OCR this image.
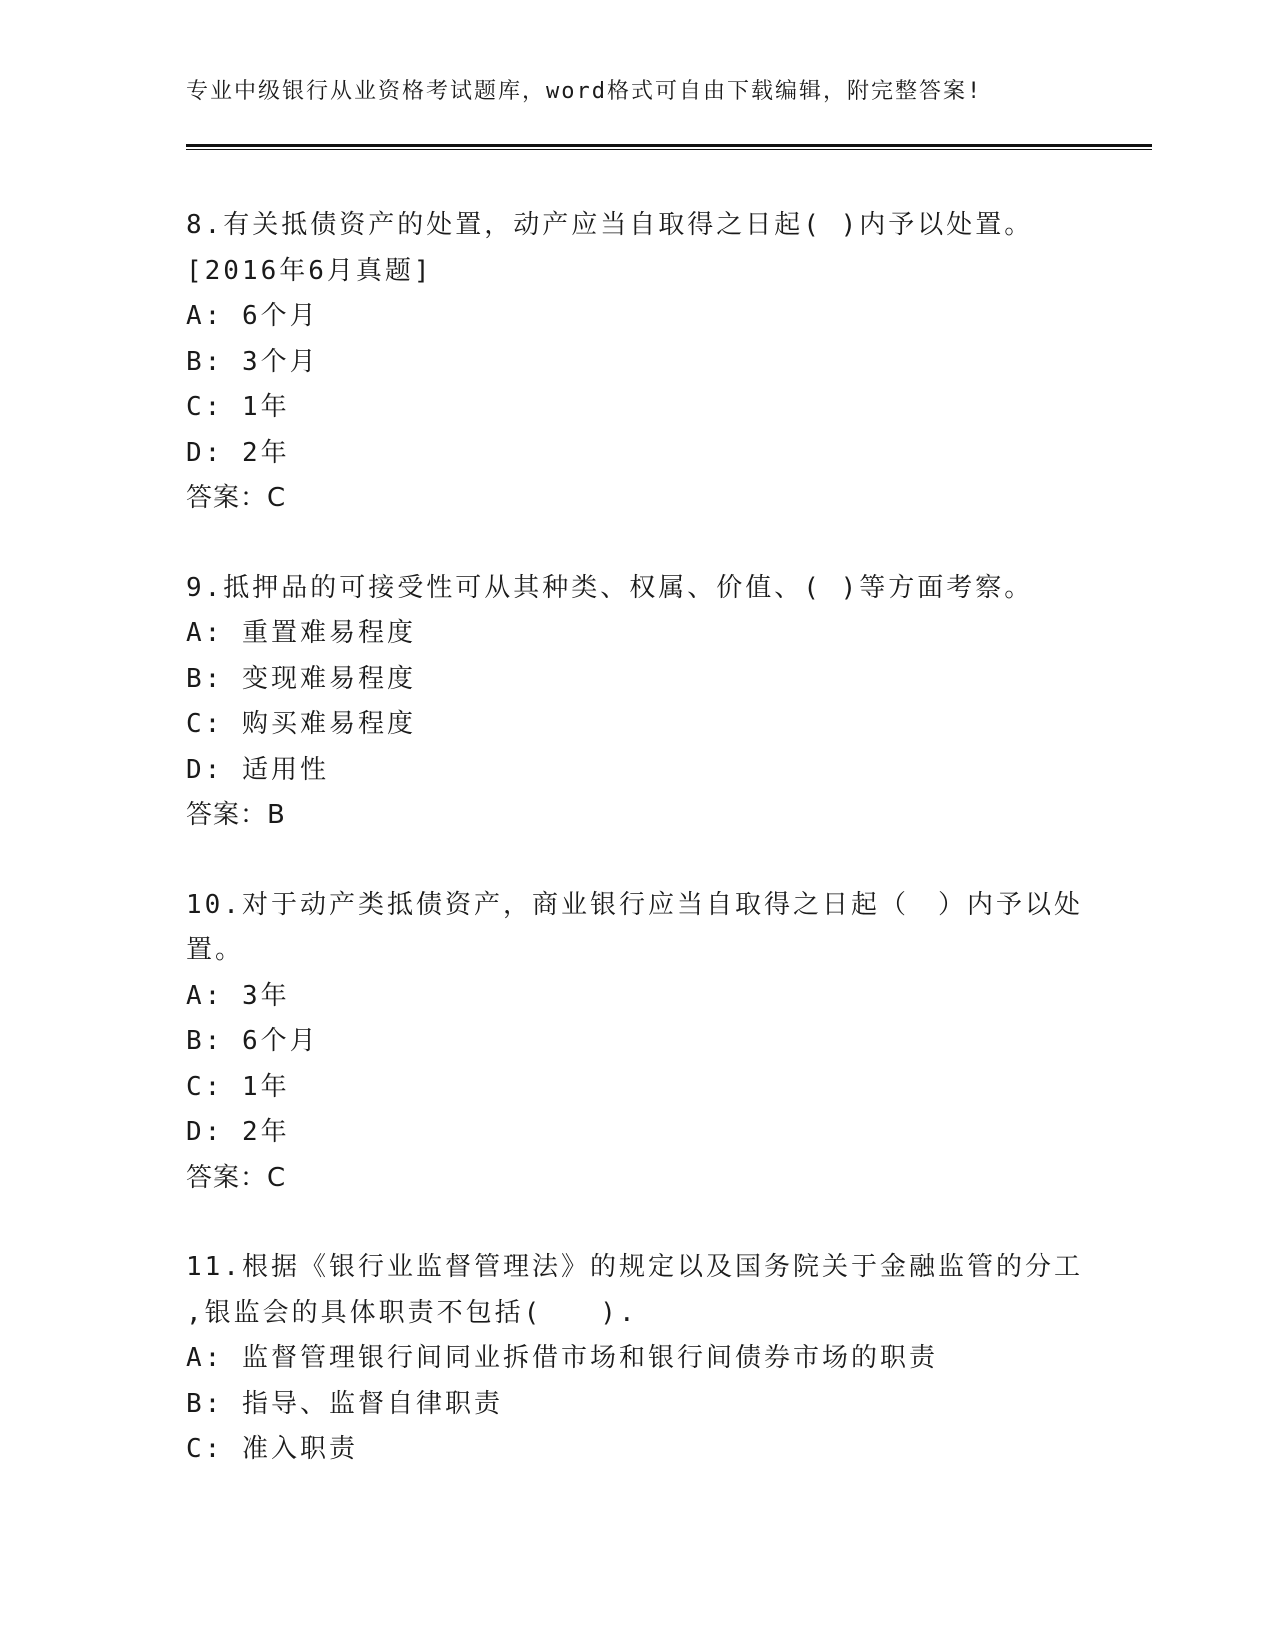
专业中级银行从业资格考试题库，word格式可自由下载编辑，附完整答案!
8.有关抵债资产的处置，动产应当自取得之日起( )内予以处置。
[2016年6月真题]
A: 6个月
B: 3个月
C: 1年
D: 2年
答案：C
9.抵押品的可接受性可从其种类、权属、价值、( )等方面考察。
A: 重置难易程度
B: 变现难易程度
C: 购买难易程度
D: 适用性
答案：B
10.对于动产类抵债资产，商业银行应当自取得之日起（　）内予以处
置。
A: 3年
B: 6个月
C: 1年
D: 2年
答案：C
11.根据《银行业监督管理法》的规定以及国务院关于金融监管的分工
,银监会的具体职责不包括(　　).
A: 监督管理银行间同业拆借市场和银行间债券市场的职责
B: 指导、监督自律职责
C: 准入职责
